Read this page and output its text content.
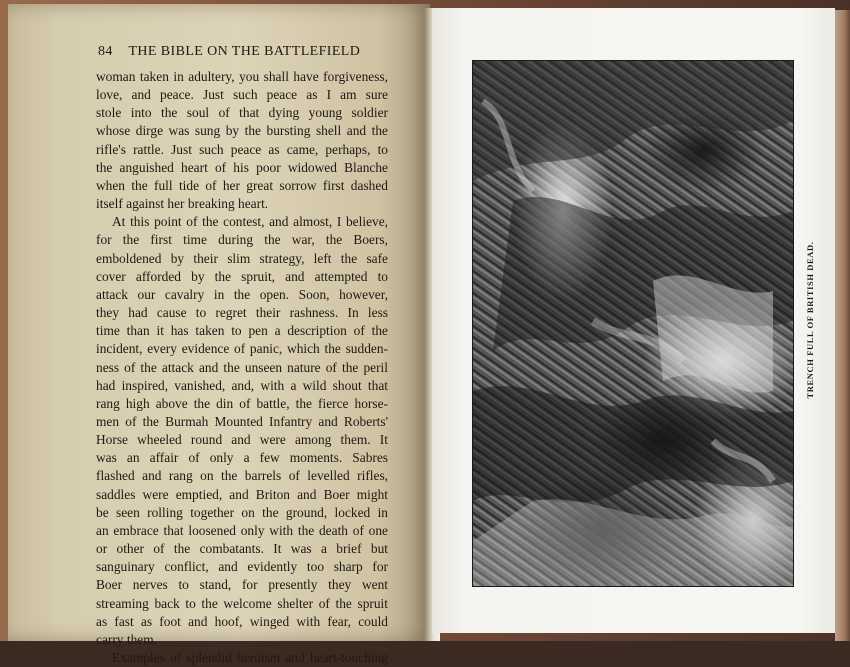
84 THE BIBLE ON THE BATTLEFIELD
woman taken in adultery, you shall have forgiveness,
love, and peace. Just such peace as I am sure
stole into the soul of that dying young soldier
whose dirge was sung by the bursting shell and the
rifle's rattle. Just such peace as came, perhaps, to
the anguished heart of his poor widowed Blanche
when the full tide of her great sorrow first dashed
itself against her breaking heart.
At this point of the contest, and almost, I believe,
for the first time during the war, the Boers,
emboldened by their slim strategy, left the safe
cover afforded by the spruit, and attempted to
attack our cavalry in the open. Soon, however,
they had cause to regret their rashness. In less
time than it has taken to pen a description of the
incident, every evidence of panic, which the sudden-
ness of the attack and the unseen nature of the peril
had inspired, vanished, and, with a wild shout that
rang high above the din of battle, the fierce horse-
men of the Burmah Mounted Infantry and Roberts'
Horse wheeled round and were among them. It
was an affair of only a few moments. Sabres
flashed and rang on the barrels of levelled rifles,
saddles were emptied, and Briton and Boer might
be seen rolling together on the ground, locked in
an embrace that loosened only with the death of one
or other of the combatants. It was a brief but
sanguinary conflict, and evidently too sharp for
Boer nerves to stand, for presently they went
streaming back to the welcome shelter of the spruit
as fast as foot and hoof, winged with fear, could
carry them.
Examples of splendid heroism and heart-touching
TRENCH FULL OF BRITISH DEAD.
